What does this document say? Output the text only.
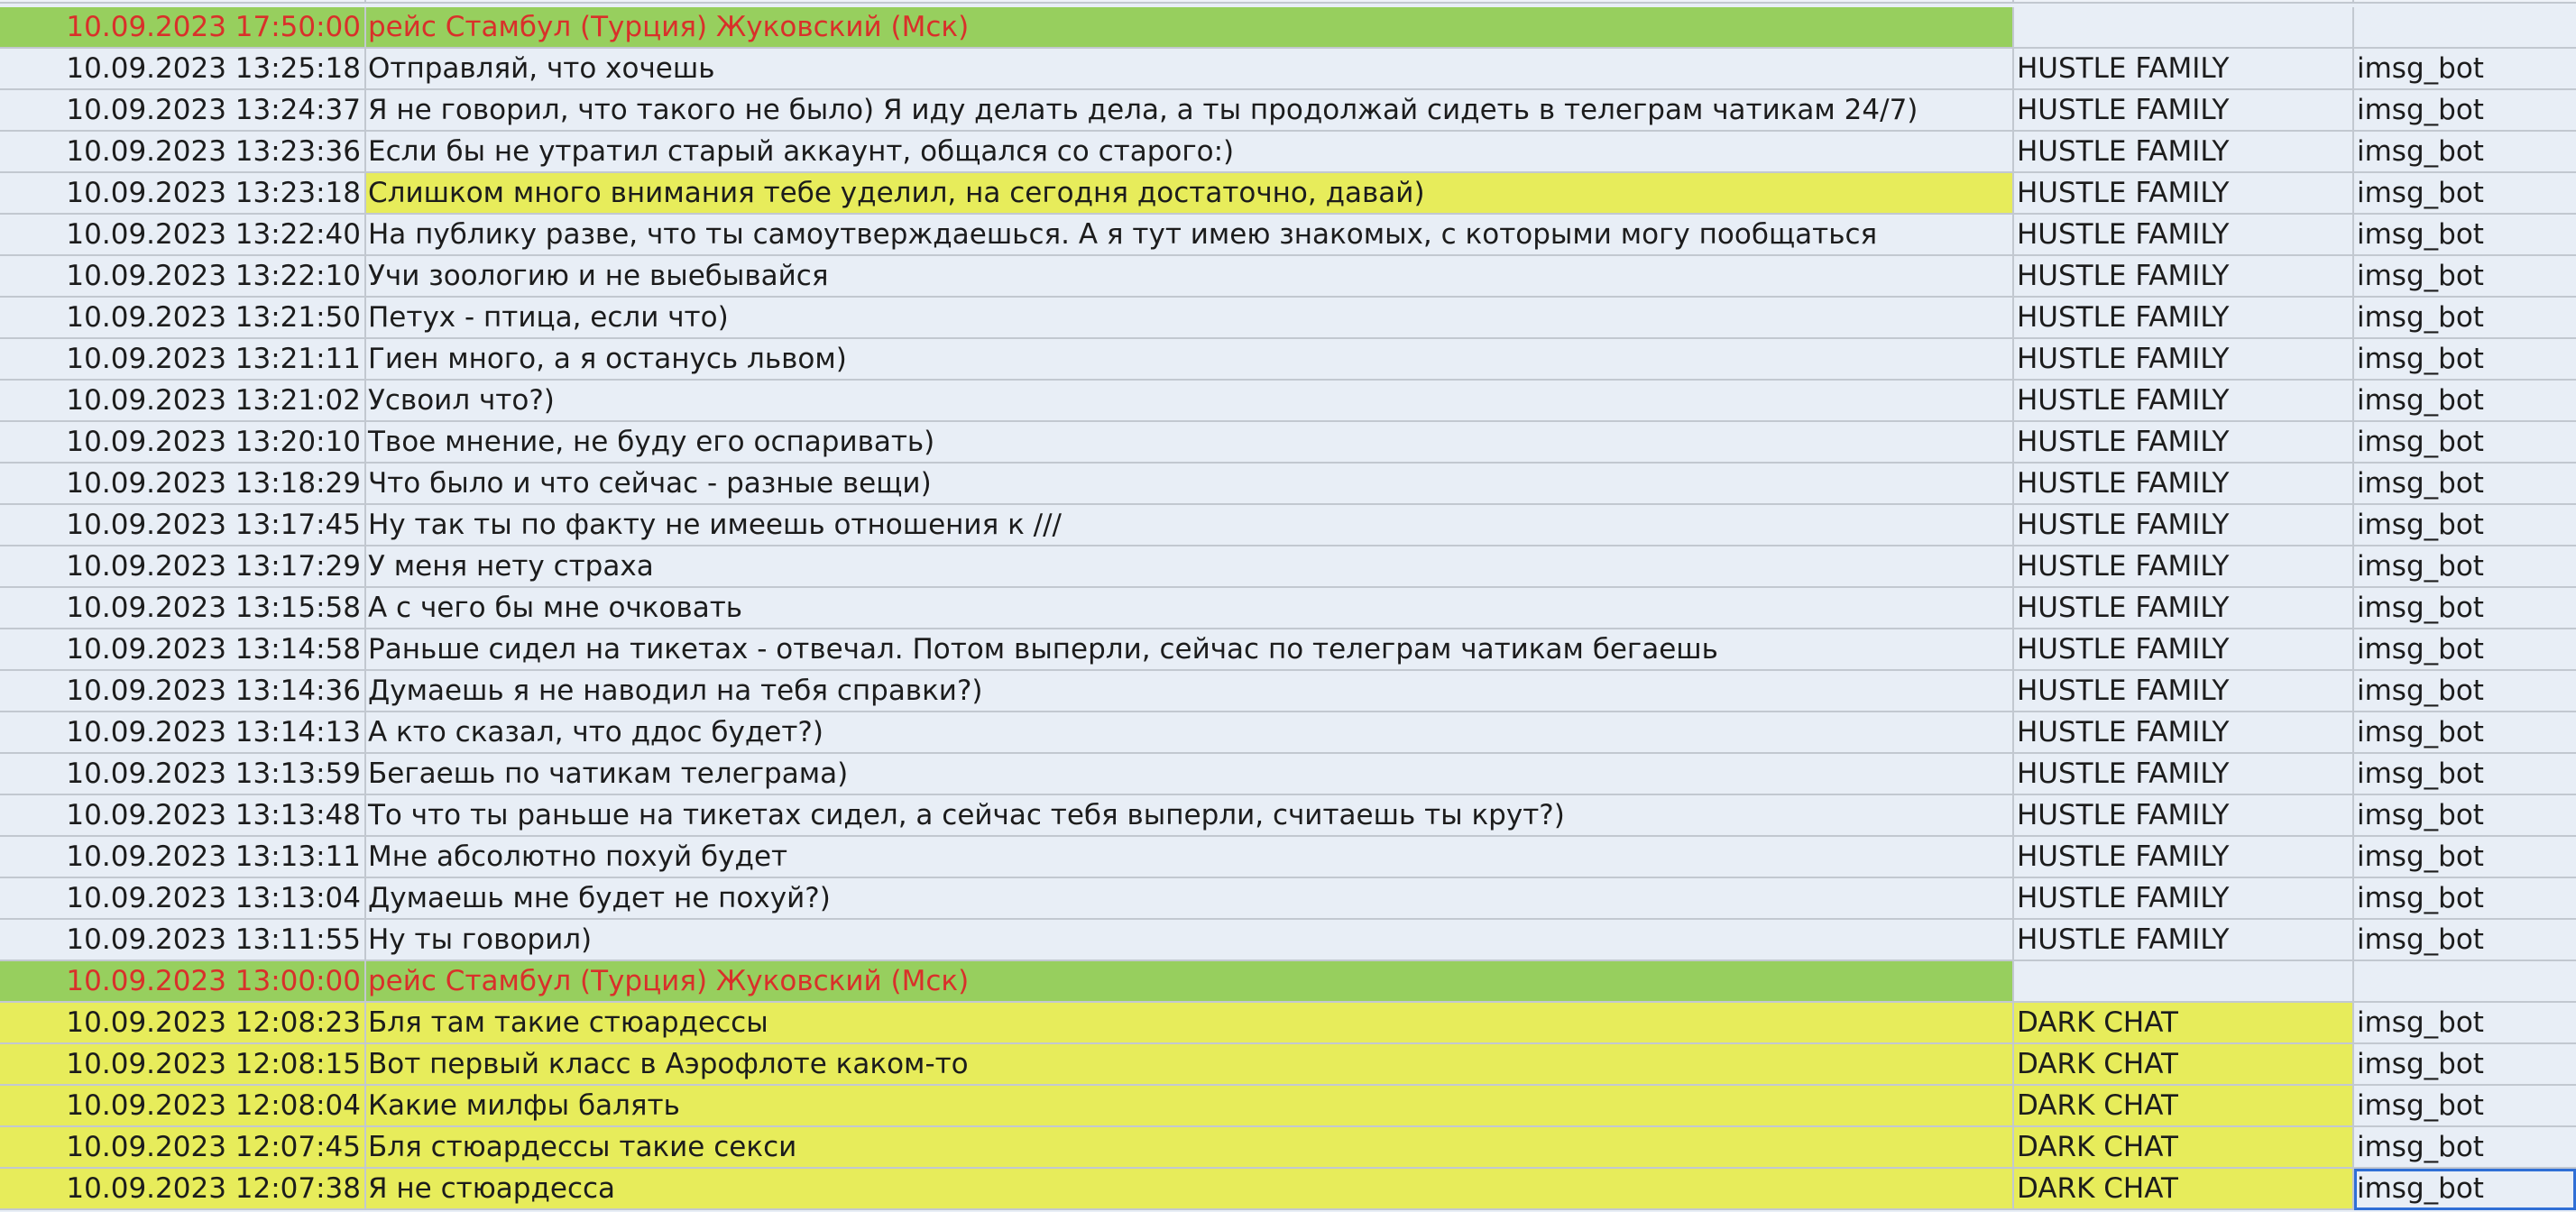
10.09.2023 17:50:00 рейс Стамбул (Турция) Жуковский (Мск)
10.09.2023 13:25:18 Отправляй, что хочешь	HUSTLE FAMILY	imsg_bot
10.09.2023 13:24:37 Я не говорил, что такого не было) Я иду делать дела, а ты продолжай сидеть в телеграм чатикам 24/7)	HUSTLE FAMILY	imsg_bot
10.09.2023 13:23:36 Если бы не утратил старый аккаунт, общался со старого:)	HUSTLE FAMILY	imsg_bot
10.09.2023 13:23:18 Слишком много внимания тебе уделил, на сегодня достаточно, давай)	HUSTLE FAMILY	imsg_bot
10.09.2023 13:22:40 На публику разве, что ты самоутверждаешься. А я тут имею знакомых, с которыми могу пообщаться	HUSTLE FAMILY	imsg_bot
10.09.2023 13:22:10 Учи зоологию и не выебывайся	HUSTLE FAMILY	imsg_bot
10.09.2023 13:21:50 Петух - птица, если что)	HUSTLE FAMILY	imsg_bot
10.09.2023 13:21:11 Гиен много, а я останусь львом)	HUSTLE FAMILY	imsg_bot
10.09.2023 13:21:02 Усвоил что?)	HUSTLE FAMILY	imsg_bot
10.09.2023 13:20:10 Твое мнение, не буду его оспаривать)	HUSTLE FAMILY	imsg_bot
10.09.2023 13:18:29 Что было и что сейчас - разные вещи)	HUSTLE FAMILY	imsg_bot
10.09.2023 13:17:45 Ну так ты по факту не имеешь отношения к ///	HUSTLE FAMILY	imsg_bot
10.09.2023 13:17:29 У меня нету страха	HUSTLE FAMILY	imsg_bot
10.09.2023 13:15:58 А с чего бы мне очковать	HUSTLE FAMILY	imsg_bot
10.09.2023 13:14:58 Раньше сидел на тикетах - отвечал. Потом выперли, сейчас по телеграм чатикам бегаешь	HUSTLE FAMILY	imsg_bot
10.09.2023 13:14:36 Думаешь я не наводил на тебя справки?)	HUSTLE FAMILY	imsg_bot
10.09.2023 13:14:13 А кто сказал, что ддос будет?)	HUSTLE FAMILY	imsg_bot
10.09.2023 13:13:59 Бегаешь по чатикам телеграма)	HUSTLE FAMILY	imsg_bot
10.09.2023 13:13:48 То что ты раньше на тикетах сидел, а сейчас тебя выперли, считаешь ты крут?)	HUSTLE FAMILY	imsg_bot
10.09.2023 13:13:11 Мне абсолютно похуй будет	HUSTLE FAMILY	imsg_bot
10.09.2023 13:13:04 Думаешь мне будет не похуй?)	HUSTLE FAMILY	imsg_bot
10.09.2023 13:11:55 Ну ты говорил)	HUSTLE FAMILY	imsg_bot
10.09.2023 13:00:00 рейс Стамбул (Турция) Жуковский (Мск)
10.09.2023 12:08:23 Бля там такие стюардессы	DARK CHAT	imsg_bot
10.09.2023 12:08:15 Вот первый класс в Аэрофлоте каком-то	DARK CHAT	imsg_bot
10.09.2023 12:08:04 Какие милфы балять	DARK CHAT	imsg_bot
10.09.2023 12:07:45 Бля стюардессы такие секси	DARK CHAT	imsg_bot
10.09.2023 12:07:38 Я не стюардесса	DARK CHAT	imsg_bot
